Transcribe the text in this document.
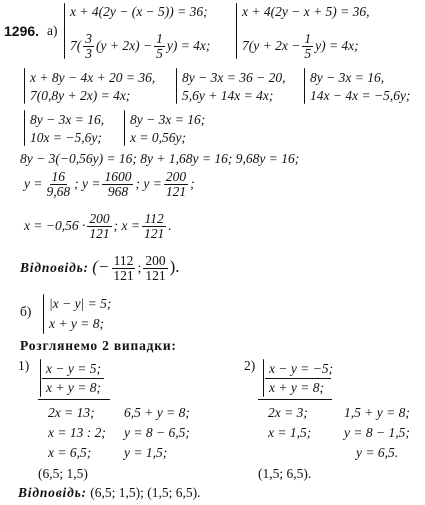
1296. а)
x + 4(2y − (x − 5)) = 36;
$7( \frac{3}{3} (y + 2x) - \frac{1}{5} y) = 4x$;
x + 4(2y − x + 5) = 36,
$7(y + 2x - \frac{1}{5} y) = 4x$;
x + 8y − 4x + 20 = 36,
7(0,8y + 2x) = 4x;
8y − 3x = 36 − 20,
5,6y + 14x = 4x;
8y − 3x = 16,
14x − 4x = −5,6y;
8y − 3x = 16,
10x = −5,6y;
8y − 3x = 16;
x = 0,56y;
8y − 3(−0,56y) = 16; 8y + 1,68y = 16; 9,68y = 16;
$y = \frac{16}{9,68}$ ; $y = \frac{1600}{968}$ ; $y = \frac{200}{121}$ ;
$x = -0,56 \cdot \frac{200}{121}$ ; $x = \frac{112}{121}$ .
Відповідь: (− $\frac{112}{121}$ ; $\frac{200}{121}$ ).
б)
|x − y| = 5;
x + y = 8;
Розглянемо 2 випадки:
1) x − y = 5;
x + y = 8;
2x = 13;
x = 13 : 2;
x = 6,5;
6,5 + y = 8;
y = 8 − 6,5;
y = 1,5;
(6,5; 1,5)
2) x − y = −5;
x + y = 8;
2x = 3;
x = 1,5;
1,5 + y = 8;
y = 8 − 1,5;
y = 6,5.
(1,5; 6,5).
Відповідь: (6,5; 1,5); (1,5; 6,5).
